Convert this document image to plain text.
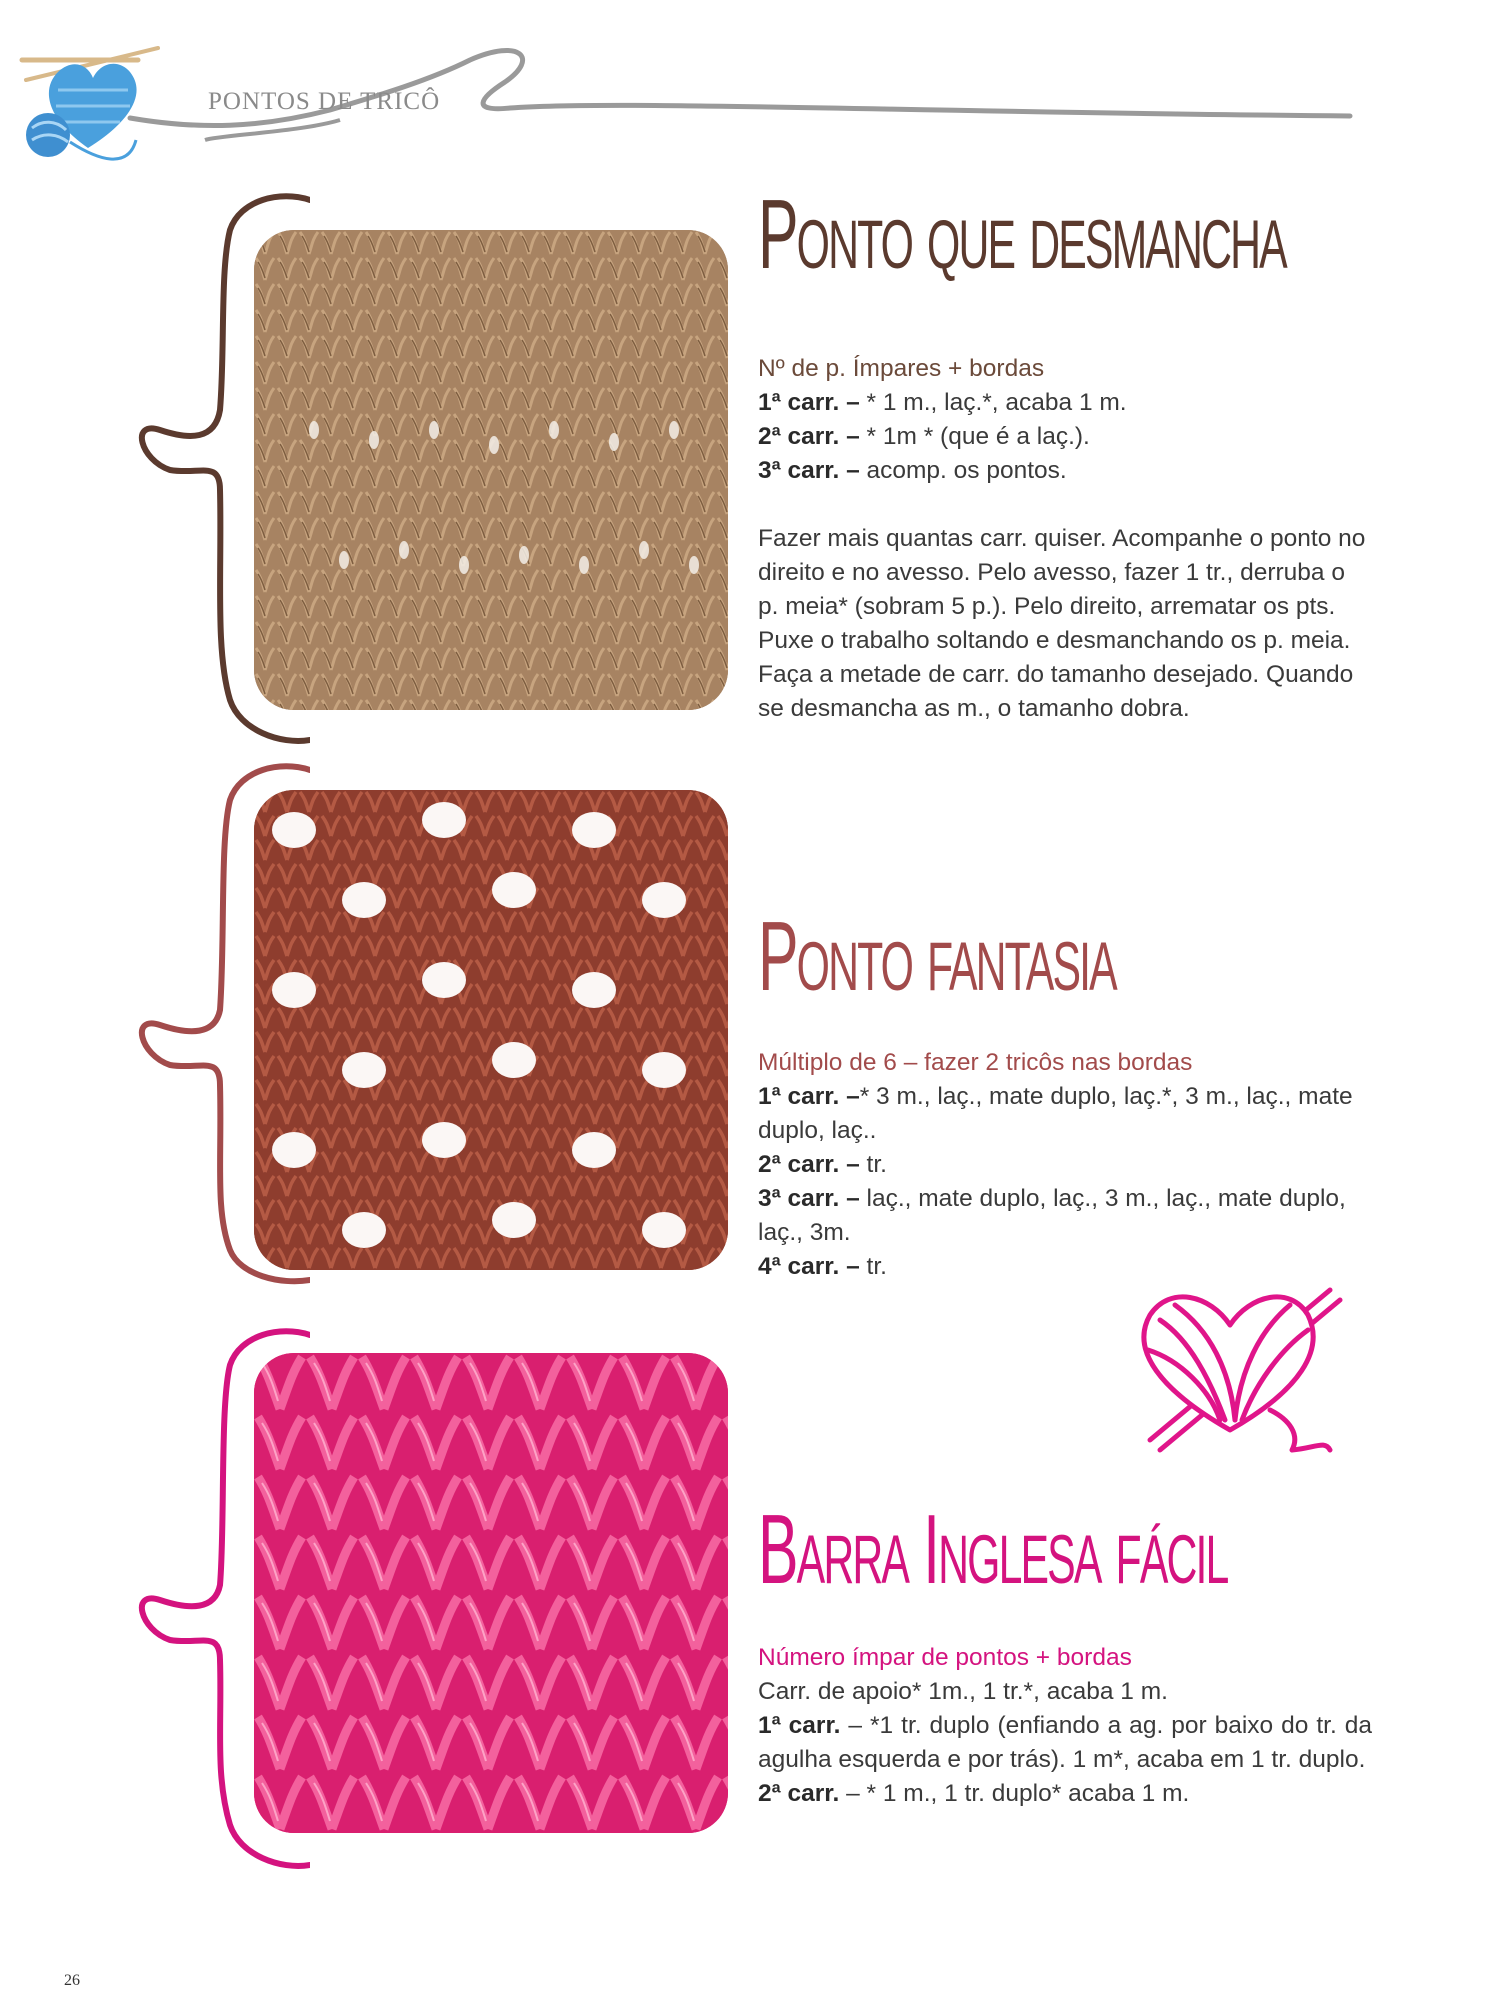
PONTOS DE TRICÔ
Ponto que desmancha

Nº de p. Ímpares + bordas

1ª carr. – * 1 m., laç.*, acaba 1 m.

2ª carr. – * 1m * (que é a laç.).

3ª carr. – acomp. os pontos.

Fazer mais quantas carr. quiser. Acompanhe o ponto no direito e no avesso. Pelo avesso, fazer 1 tr., derruba o p. meia* (sobram 5 p.). Pelo direito, arrematar os pts. Puxe o trabalho soltando e desmanchando os p. meia. Faça a metade de carr. do tamanho desejado. Quando se desmancha as m., o tamanho dobra.

Ponto fantasia

Múltiplo de 6 – fazer 2 tricôs nas bordas

1ª carr. –* 3 m., laç., mate duplo, laç.*, 3 m., laç., mate duplo, laç..

2ª carr. – tr.

3ª carr. – laç., mate duplo, laç., 3 m., laç., mate duplo, laç., 3m.

4ª carr. – tr.

Barra Inglesa fácil

Número ímpar de pontos + bordas

Carr. de apoio* 1m., 1 tr.*, acaba 1 m.

1ª carr. – *1 tr. duplo (enfiando a ag. por baixo do tr. da agulha esquerda e por trás). 1 m*, acaba em 1 tr. duplo.

2ª carr. – * 1 m., 1 tr. duplo* acaba 1 m.

26
